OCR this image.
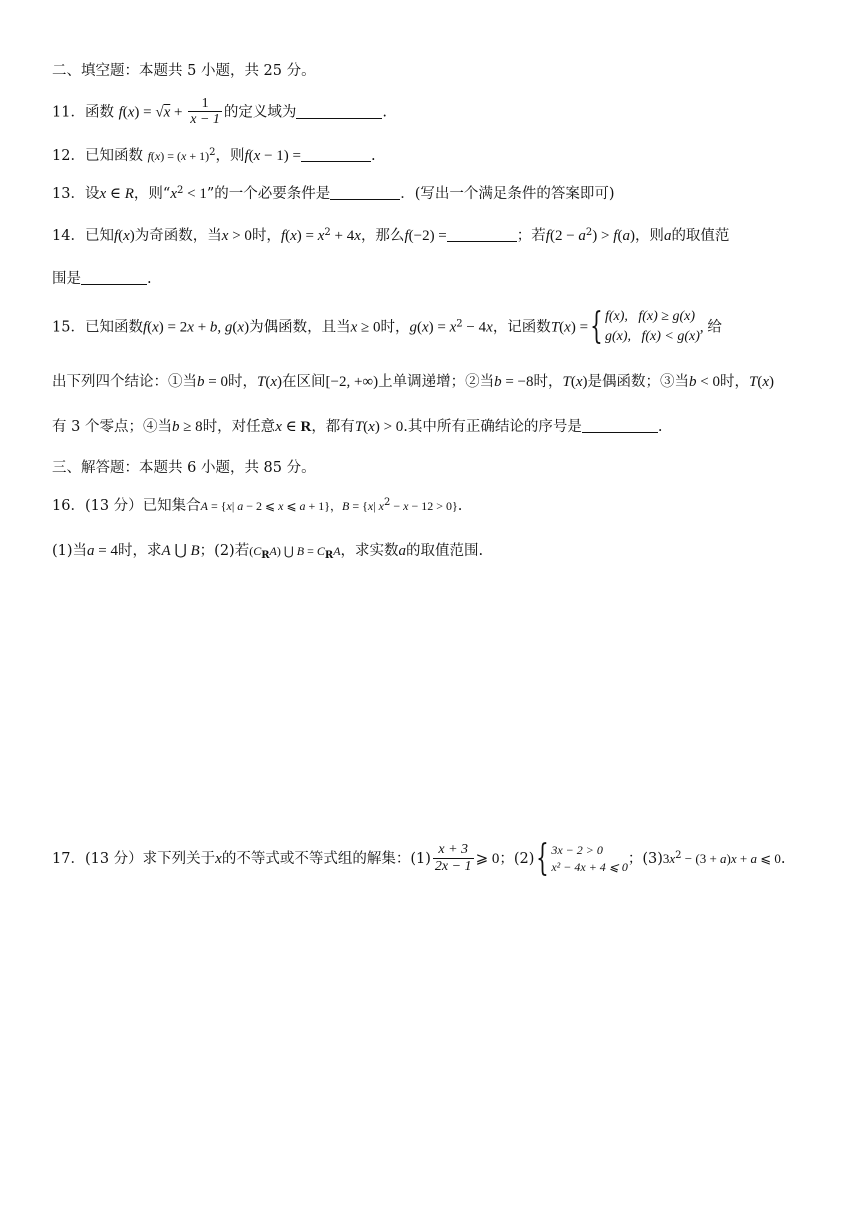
二、填空题：本题共 5 小题，共 25 分。
11．函数 $f(x) = √x + \frac{1}{x - 1}$ 的定义域为	.
12．已知函数 $f(x) = (x + 1)^2$，则f(x − 1) =	.
13．设x ∈ R，则“$x^2 < 1$”的一个必要条件是	．(写出一个满足条件的答案即可)
14．已知f(x)为奇函数，当x > 0时，$f(x) = x^2 + 4x$，那么f(−2) =	；若$f(2 - a^2) > f(a)$，则a的取值范
围是	.
15．已知函数f(x) = 2x + b, g(x)为偶函数，且当x ≥ 0时，$g(x) = x^2 - 4x$，记函数T(x) ={ f(x),   f(x) ≥ g(x)
g(x),   f(x) < g(x)
, 给
出下列四个结论：①当b = 0时，T(x)在区间[−2, +∞)上单调递增；②当b = −8时，T(x)是偶函数；③当b < 0时，T(x)
有 3 个零点；④当b ≥ 8时，对任意x ∈ R，都有T(x) > 0.其中所有正确结论的序号是	.
三、解答题：本题共 6 小题，共 85 分。
16．(13 分）已知集合A = {x| a − 2 ⩽ x ⩽ a + 1}，B = {x| $x^2 - x - 12 > 0$}.
(1)当a = 4时，求A ⋃ B；(2)若$(C_RA)$ ⋃ $B = C_RA$，求实数a的取值范围.
17．(13 分）求下列关于x的不等式或不等式组的解集：$(1) \frac{x + 3}{2x - 1}$ ⩾ 0；(2){ 3x − 2 > 0
x² − 4x + 4 ⩽ 0 ；$(3)3x^2 - (3 + a)x + a$ ⩽ 0.
